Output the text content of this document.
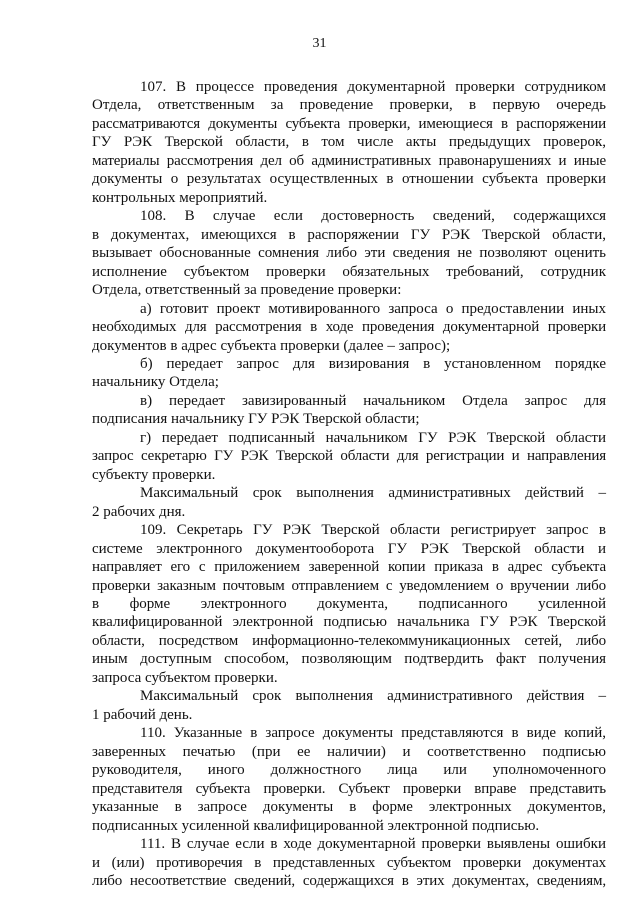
31
107. В процессе проведения документарной проверки сотрудником
Отдела, ответственным за проведение проверки, в первую очередь
рассматриваются документы субъекта проверки, имеющиеся в распоряжении
ГУ РЭК Тверской области, в том числе акты предыдущих проверок,
материалы рассмотрения дел об административных правонарушениях и иные
документы о результатах осуществленных в отношении субъекта проверки
контрольных мероприятий.
108. В случае если достоверность сведений, содержащихся
в документах, имеющихся в распоряжении ГУ РЭК Тверской области,
вызывает обоснованные сомнения либо эти сведения не позволяют оценить
исполнение субъектом проверки обязательных требований, сотрудник
Отдела, ответственный за проведение проверки:
а) готовит проект мотивированного запроса о предоставлении иных
необходимых для рассмотрения в ходе проведения документарной проверки
документов в адрес субъекта проверки (далее – запрос);
б) передает запрос для визирования в установленном порядке
начальнику Отдела;
в) передает завизированный начальником Отдела запрос для
подписания начальнику ГУ РЭК Тверской области;
г) передает подписанный начальником ГУ РЭК Тверской области
запрос секретарю ГУ РЭК Тверской области для регистрации и направления
субъекту проверки.
Максимальный срок выполнения административных действий –
2 рабочих дня.
109. Секретарь ГУ РЭК Тверской области регистрирует запрос в
системе электронного документооборота ГУ РЭК Тверской области и
направляет его с приложением заверенной копии приказа в адрес субъекта
проверки заказным почтовым отправлением с уведомлением о вручении либо
в форме электронного документа, подписанного усиленной
квалифицированной электронной подписью начальника ГУ РЭК Тверской
области, посредством информационно-телекоммуникационных сетей, либо
иным доступным способом, позволяющим подтвердить факт получения
запроса субъектом проверки.
Максимальный срок выполнения административного действия –
1 рабочий день.
110. Указанные в запросе документы представляются в виде копий,
заверенных печатью (при ее наличии) и соответственно подписью
руководителя, иного должностного лица или уполномоченного
представителя субъекта проверки. Субъект проверки вправе представить
указанные в запросе документы в форме электронных документов,
подписанных усиленной квалифицированной электронной подписью.
111. В случае если в ходе документарной проверки выявлены ошибки
и (или) противоречия в представленных субъектом проверки документах
либо несоответствие сведений, содержащихся в этих документах, сведениям,
